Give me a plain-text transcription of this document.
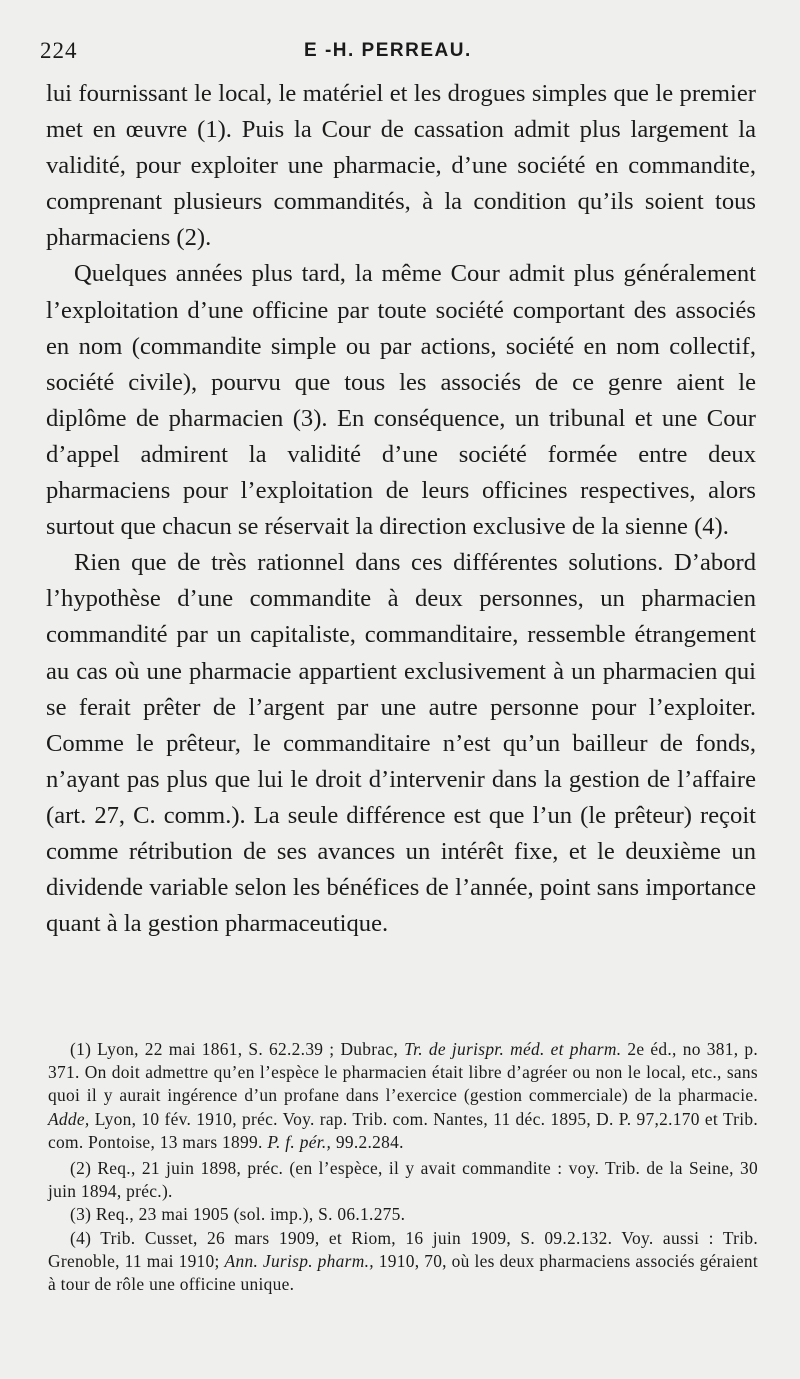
224	E -H. PERREAU.

lui fournissant le local, le matériel et les drogues simples que le premier met en œuvre (1). Puis la Cour de cassation admit plus largement la validité, pour exploiter une pharmacie, d’une société en commandite, comprenant plusieurs commandités, à la condition qu’ils soient tous pharmaciens (2).

Quelques années plus tard, la même Cour admit plus généralement l’exploitation d’une officine par toute société comportant des associés en nom (commandite simple ou par actions, société en nom collectif, société civile), pourvu que tous les associés de ce genre aient le diplôme de pharmacien (3). En conséquence, un tribunal et une Cour d’appel admirent la validité d’une société formée entre deux pharmaciens pour l’exploitation de leurs officines respectives, alors surtout que chacun se réservait la direction exclusive de la sienne (4).

Rien que de très rationnel dans ces différentes solutions. D’abord l’hypothèse d’une commandite à deux personnes, un pharmacien commandité par un capitaliste, commanditaire, ressemble étrangement au cas où une pharmacie appartient exclusivement à un pharmacien qui se ferait prêter de l’argent par une autre personne pour l’exploiter. Comme le prêteur, le commanditaire n’est qu’un bailleur de fonds, n’ayant pas plus que lui le droit d’intervenir dans la gestion de l’affaire (art. 27, C. comm.). La seule différence est que l’un (le prêteur) reçoit comme rétribution de ses avances un intérêt fixe, et le deuxième un dividende variable selon les bénéfices de l’année, point sans importance quant à la gestion pharmaceutique.

(1) Lyon, 22 mai 1861, S. 62.2.39 ; Dubrac, Tr. de jurispr. méd. et pharm. 2e éd., no 381, p. 371. On doit admettre qu’en l’espèce le pharmacien était libre d’agréer ou non le local, etc., sans quoi il y aurait ingérence d’un profane dans l’exercice (gestion commerciale) de la pharmacie. Adde, Lyon, 10 fév. 1910, préc. Voy. rap. Trib. com. Nantes, 11 déc. 1895, D. P. 97,2.170 et Trib. com. Pontoise, 13 mars 1899. P. f. pér., 99.2.284.

(2) Req., 21 juin 1898, préc. (en l’espèce, il y avait commandite : voy. Trib. de la Seine, 30 juin 1894, préc.).

(3) Req., 23 mai 1905 (sol. imp.), S. 06.1.275.

(4) Trib. Cusset, 26 mars 1909, et Riom, 16 juin 1909, S. 09.2.132. Voy. aussi : Trib. Grenoble, 11 mai 1910; Ann. Jurisp. pharm., 1910, 70, où les deux pharmaciens associés géraient à tour de rôle une officine unique.
